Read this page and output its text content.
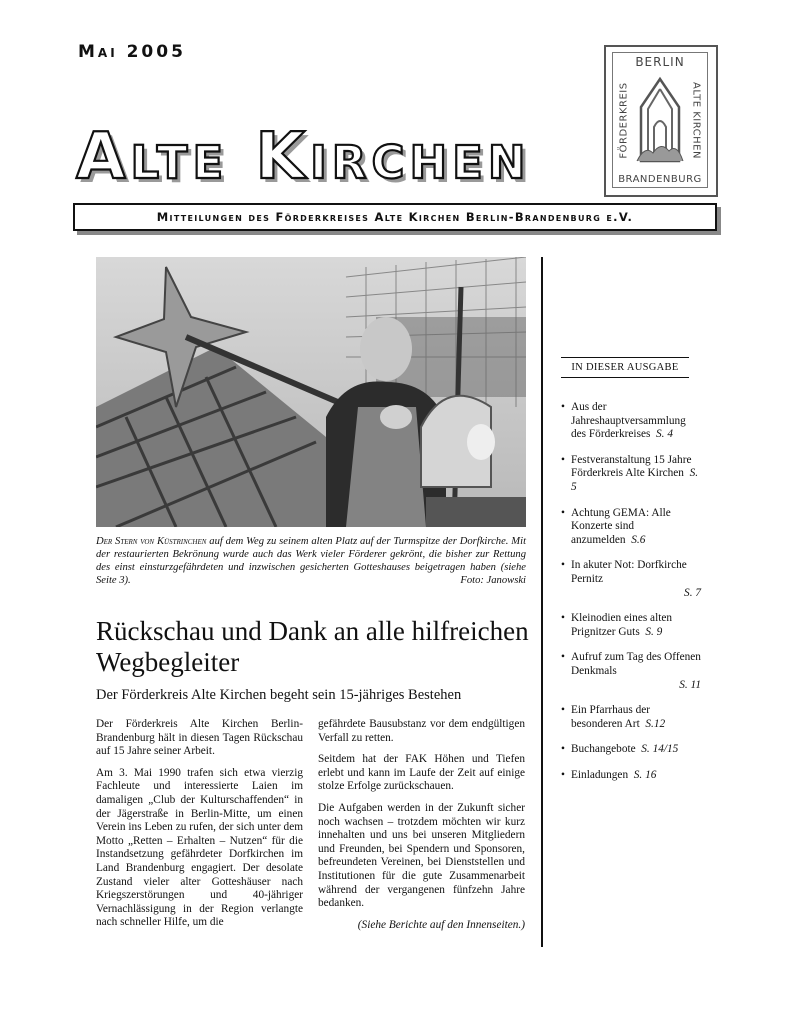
Mai 2005
Alte Kirchen
Mitteilungen des Förderkreises Alte Kirchen Berlin-Brandenburg e.V.
BERLIN
FÖRDERKREIS	ALTE KIRCHEN
BRANDENBURG
Der Stern von Küstrinchen auf dem Weg zu seinem alten Platz auf der Turmspitze der Dorfkirche. Mit der restaurierten Bekrönung wurde auch das Werk vieler Förderer gekrönt, die bisher zur Rettung des einst einsturzgefährdeten und inzwischen gesicherten Gotteshauses beigetragen haben (siehe Seite 3).	Foto: Janowski
Rückschau und Dank an alle hilfreichen Wegbegleiter
Der Förderkreis Alte Kirchen begeht sein 15-jähriges Bestehen

Der Förderkreis Alte Kirchen Berlin-Brandenburg hält in diesen Tagen Rückschau auf 15 Jahre seiner Arbeit.

Am 3. Mai 1990 trafen sich etwa vierzig Fachleute und interessierte Laien im damaligen „Club der Kulturschaffenden“ in der Jägerstraße in Berlin-Mitte, um einen Verein ins Leben zu rufen, der sich unter dem Motto „Retten – Erhalten – Nutzen“ für die Instandsetzung gefährdeter Dorfkirchen im Land Brandenburg engagiert. Der desolate Zustand vieler alter Gotteshäuser nach Kriegszerstörungen und 40-jähriger Vernachlässigung in der Region verlangte nach schneller Hilfe, um die

gefährdete Bausubstanz vor dem endgültigen Verfall zu retten.

Seitdem hat der FAK Höhen und Tiefen erlebt und kann im Laufe der Zeit auf einige stolze Erfolge zurückschauen.

Die Aufgaben werden in der Zukunft sicher noch wachsen – trotzdem möchten wir kurz innehalten und uns bei unseren Mitgliedern und Freunden, bei Spendern und Sponsoren, befreundeten Vereinen, bei Dienststellen und Institutionen für die gute Zusammenarbeit während der vergangenen fünfzehn Jahre bedanken.

(Siehe Berichte auf den Innenseiten.)
IN DIESER AUSGABE
• Aus der Jahreshauptversammlung des Förderkreises S. 4
• Festveranstaltung 15 Jahre Förderkreis Alte Kirchen S. 5
• Achtung GEMA: Alle Konzerte sind anzumelden S.6
• In akuter Not: Dorfkirche Pernitz
S. 7
• Kleinodien eines alten Prignitzer Guts S. 9
• Aufruf zum Tag des Offenen Denkmals
S. 11
• Ein Pfarrhaus der besonderen Art S.12
• Buchangebote S. 14/15
• Einladungen S. 16
